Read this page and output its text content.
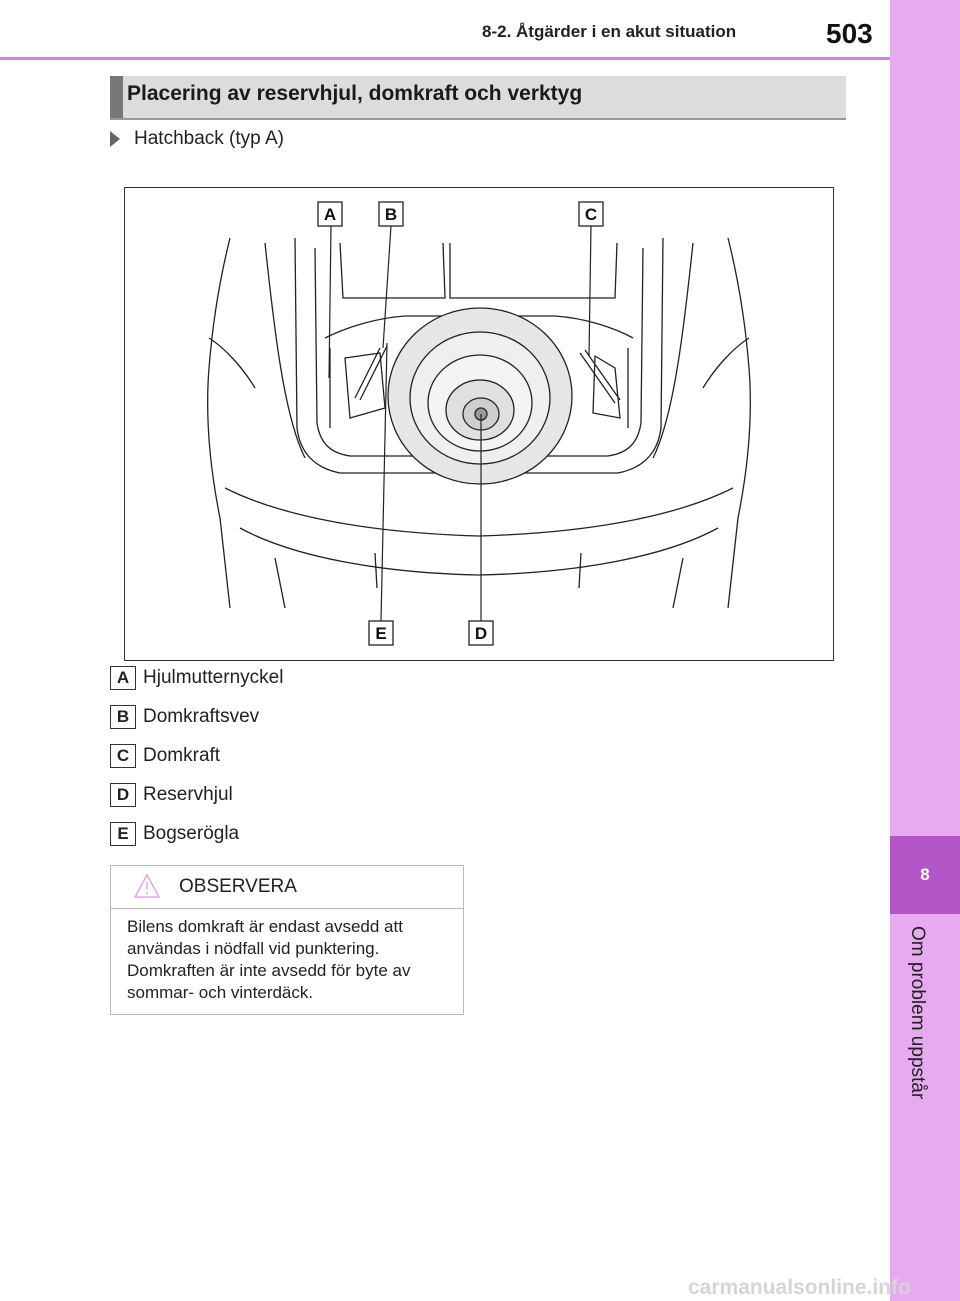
8-2. Åtgärder i en akut situation	503
8
Om problem uppstår
Placering av reservhjul, domkraft och verktyg
Hatchback (typ A)
A	B	C
D
E
A Hjulmutternyckel
B Domkraftsvev
C Domkraft
D Reservhjul
E Bogserögla
OBSERVERA
Bilens domkraft är endast avsedd att användas i nödfall vid punktering. Domkraften är inte avsedd för byte av sommar- och vinterdäck.
carmanualsonline.info
